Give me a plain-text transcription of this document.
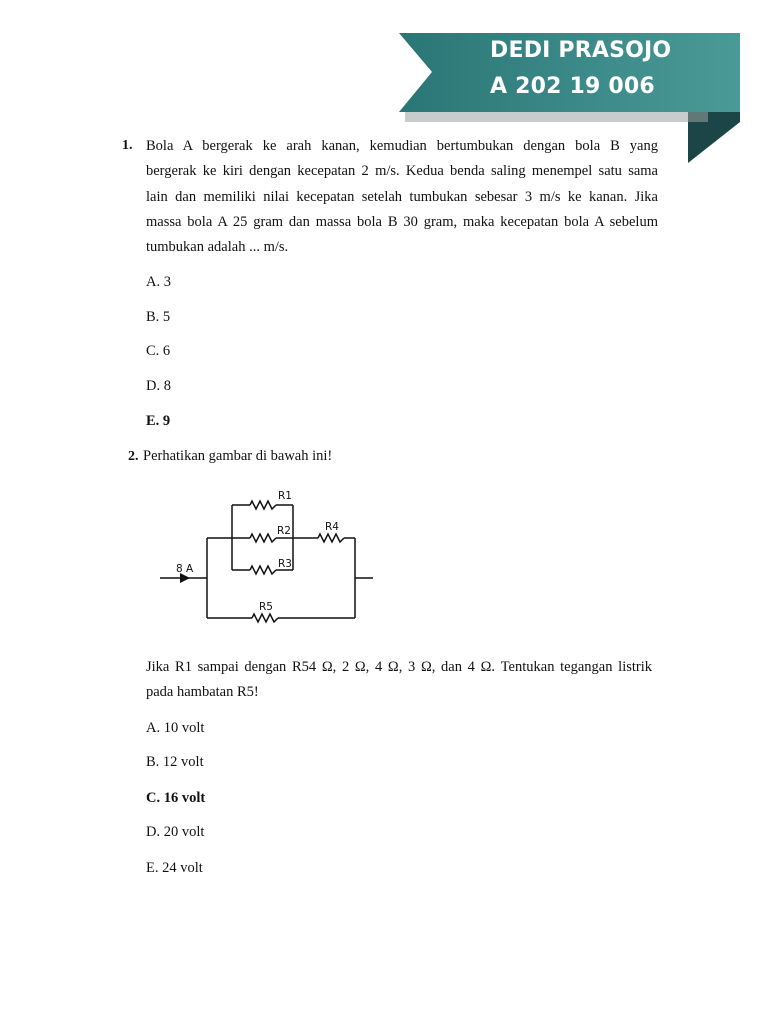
DEDI PRASOJO
A 202 19 006
1. Bola A bergerak ke arah kanan, kemudian bertumbukan dengan bola B yang
bergerak ke kiri dengan kecepatan 2 m/s. Kedua benda saling menempel satu sama
lain dan memiliki nilai kecepatan setelah tumbukan sebesar 3 m/s ke kanan. Jika
massa bola A 25 gram dan massa bola B 30 gram, maka kecepatan bola A sebelum
tumbukan adalah ... m/s.
A. 3
B. 5
C. 6
D. 8
E. 9
2. Perhatikan gambar di bawah ini!
8 A
R1
R2
R3
R4
R5
Jika R1 sampai dengan R54 Ω, 2 Ω, 4 Ω, 3 Ω, dan 4 Ω. Tentukan tegangan listrik
pada hambatan R5!
A. 10 volt
B. 12 volt
C. 16 volt
D. 20 volt
E. 24 volt
